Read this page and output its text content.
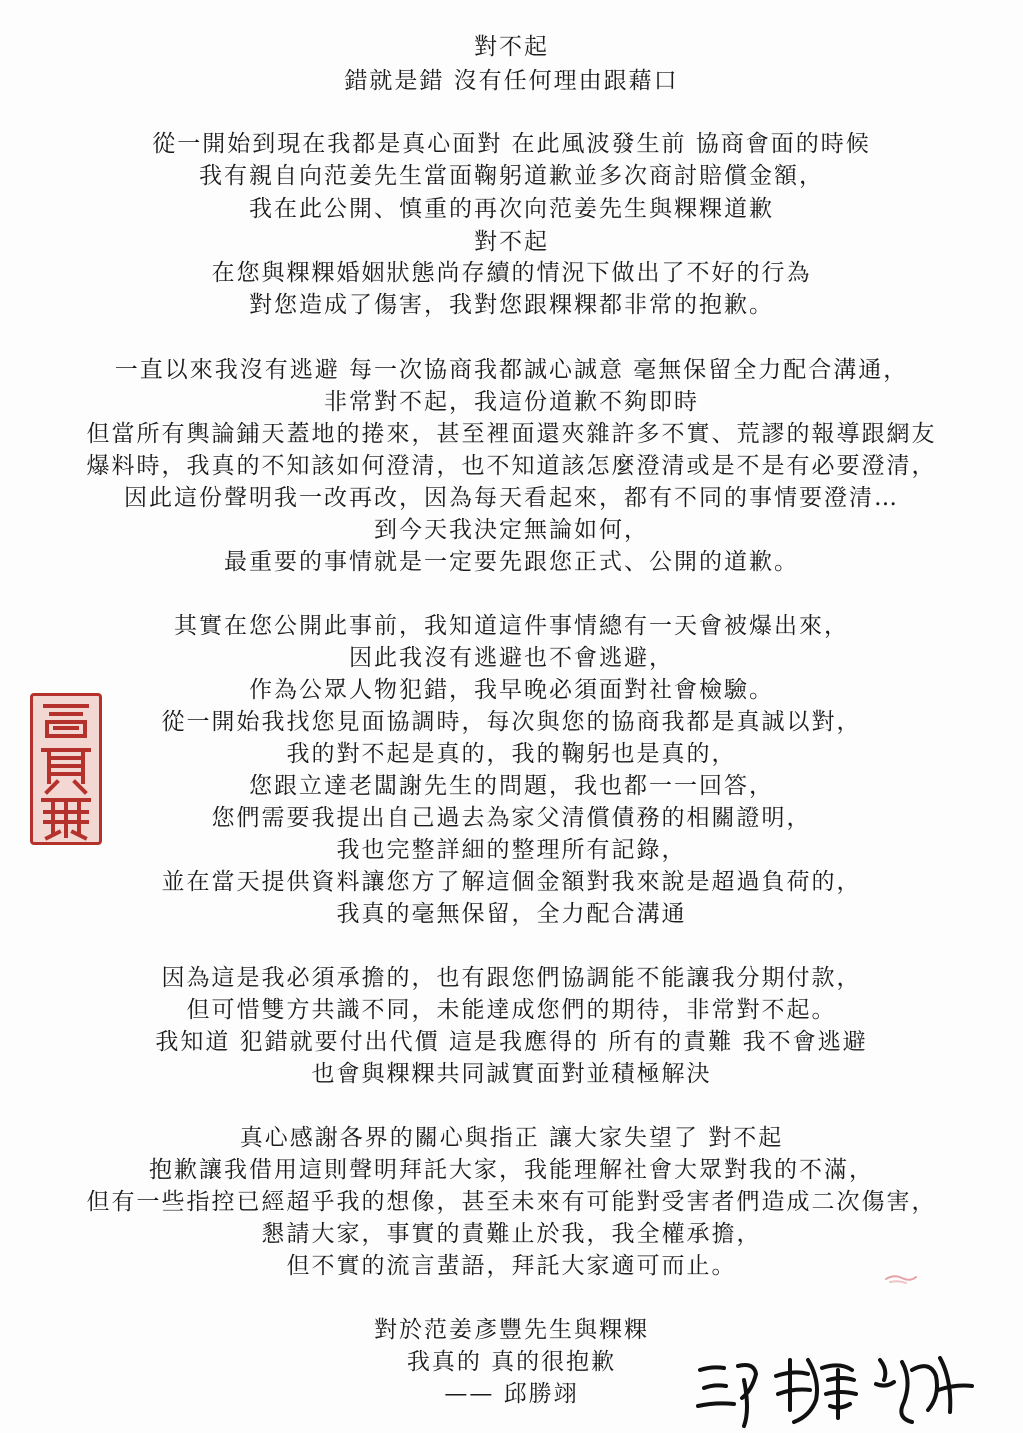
對不起
錯就是錯 沒有任何理由跟藉口
從一開始到現在我都是真心面對 在此風波發生前 協商會面的時候
我有親自向范姜先生當面鞠躬道歉並多次商討賠償金額，
我在此公開、慎重的再次向范姜先生與粿粿道歉
對不起
在您與粿粿婚姻狀態尚存續的情況下做出了不好的行為
對您造成了傷害，我對您跟粿粿都非常的抱歉。
一直以來我沒有逃避 每一次協商我都誠心誠意 毫無保留全力配合溝通，
非常對不起，我這份道歉不夠即時
但當所有輿論鋪天蓋地的捲來，甚至裡面還夾雜許多不實、荒謬的報導跟網友
爆料時，我真的不知該如何澄清，也不知道該怎麼澄清或是不是有必要澄清，
因此這份聲明我一改再改，因為每天看起來，都有不同的事情要澄清…
到今天我決定無論如何，
最重要的事情就是一定要先跟您正式、公開的道歉。
其實在您公開此事前，我知道這件事情總有一天會被爆出來，
因此我沒有逃避也不會逃避，
作為公眾人物犯錯，我早晚必須面對社會檢驗。
從一開始我找您見面協調時，每次與您的協商我都是真誠以對，
我的對不起是真的，我的鞠躬也是真的，
您跟立達老闆謝先生的問題，我也都一一回答，
您們需要我提出自己過去為家父清償債務的相關證明，
我也完整詳細的整理所有記錄，
並在當天提供資料讓您方了解這個金額對我來說是超過負荷的，
我真的毫無保留，全力配合溝通
因為這是我必須承擔的，也有跟您們協調能不能讓我分期付款，
但可惜雙方共識不同，未能達成您們的期待，非常對不起。
我知道 犯錯就要付出代價 這是我應得的 所有的責難 我不會逃避
也會與粿粿共同誠實面對並積極解決
真心感謝各界的關心與指正 讓大家失望了 對不起
抱歉讓我借用這則聲明拜託大家，我能理解社會大眾對我的不滿，
但有一些指控已經超乎我的想像，甚至未來有可能對受害者們造成二次傷害，
懇請大家，事實的責難止於我，我全權承擔，
但不實的流言蜚語，拜託大家適可而止。
對於范姜彥豐先生與粿粿
我真的 真的很抱歉
—— 邱勝翊
